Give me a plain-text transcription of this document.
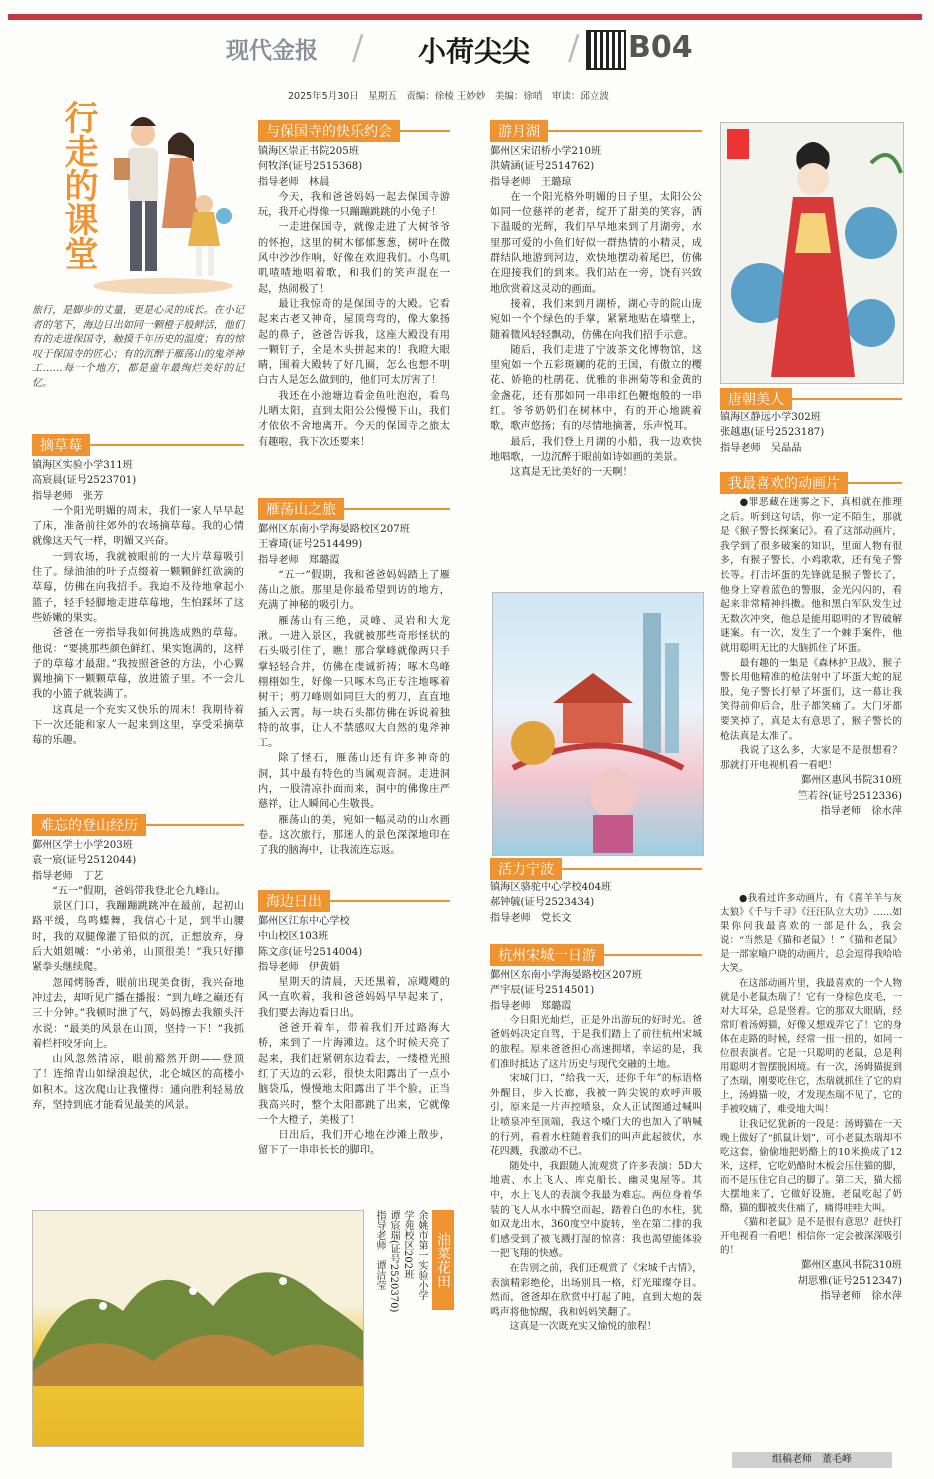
现代金报 / 小荷尖尖 / B04
2025年5月30日　星期五　责编：徐棱 王妙妙　美编：徐哨　审读：邱立波
行走的课堂
旅行，是脚步的丈量，更是心灵的成长。在小记者的笔下，海边日出如同一颗橙子般鲜活，他们有的走进保国寺，触摸千年历史的温度；有的惊叹于保国寺的匠心；有的沉醉于雁荡山的鬼斧神工……每一个地方，都是童年最绚烂美好的记忆。
摘草莓
镇海区实验小学311班
高宸晨(证号2523701)
指导老师　张芳

一个阳光明媚的周末，我们一家人早早起了床，准备前往郊外的农场摘草莓。我的心情就像这天气一样，明媚又兴奋。

一到农场，我就被眼前的一大片草莓吸引住了。绿油油的叶子点缀着一颗颗鲜红欲滴的草莓，仿佛在向我招手。我迫不及待地拿起小篮子，轻手轻脚地走进草莓地，生怕踩坏了这些娇嫩的果实。

爸爸在一旁指导我如何挑选成熟的草莓。他说：“要挑那些颜色鲜红、果实饱满的，这样子的草莓才最甜。”我按照爸爸的方法，小心翼翼地摘下一颗颗草莓，放进篮子里。不一会儿我的小篮子就装满了。

这真是一个充实又快乐的周末！我期待着下一次还能和家人一起来到这里，享受采摘草莓的乐趣。

难忘的登山经历
鄞州区学士小学203班
袁一宸(证号2512044)
指导老师　丁艺

“五一”假期，爸妈带我登北仑九峰山。

景区门口，我蹦蹦跳跳冲在最前，起初山路平缓，鸟鸣蝶舞，我信心十足，到半山腰时，我的双腿像灌了铅似的沉，正想放弃，身后大姐姐喊：“小弟弟，山顶很美！”我只好攥紧拳头继续爬。

忽闻烤肠香，眼前出现美食街，我兴奋地冲过去，却听见广播在播报：“到九峰之巅还有三十分钟。”我顿时泄了气，妈妈擦去我额头汗水说：“最美的风景在山顶，坚持一下！”我抓着栏杆咬牙向上。

山风忽然清凉，眼前豁然开朗——登顶了！连绵青山如绿浪起伏，北仑城区的高楼小如积木。这次爬山让我懂得：通向胜利轻易放弃，坚持到底才能看见最美的风景。

与保国寺的快乐约会
镇海区崇正书院205班
何牧泽(证号2515368)
指导老师　林晨

今天，我和爸爸妈妈一起去保国寺游玩，我开心得像一只蹦蹦跳跳的小兔子！

一走进保国寺，就像走进了大树爷爷的怀抱，这里的树木郁郁葱葱，树叶在微风中沙沙作响，好像在欢迎我们。小鸟叽叽喳喳地唱着歌，和我们的笑声混在一起，热闹极了！

最让我惊奇的是保国寺的大殿。它看起来古老又神奇，屋顶弯弯的，像大象扬起的鼻子，爸爸告诉我，这座大殿没有用一颗钉子，全是木头拼起来的！我瞪大眼睛，围着大殿转了好几圈，怎么也想不明白古人是怎么做到的，他们可太厉害了！

我还在小池塘边看金鱼吐泡泡，看鸟儿晒太阳，直到太阳公公慢慢下山，我们才依依不舍地离开。今天的保国寺之旅太有趣啦，我下次还要来！

雁荡山之旅
鄞州区东南小学海晏路校区207班
王睿琦(证号2514499)
指导老师　郑璐霞

“五一”假期，我和爸爸妈妈踏上了雁荡山之旅。那里是你最希望到访的地方，充满了神秘的吸引力。

雁荡山有三绝，灵峰、灵岩和大龙湫。一进入景区，我就被那些奇形怪状的石头吸引住了，瞧！那合掌峰就像两只手掌轻轻合并，仿佛在虔诚祈祷；啄木鸟峰栩栩如生，好像一只啄木鸟正专注地啄着树干；剪刀峰则如同巨大的剪刀，直直地插入云霄。每一块石头都仿佛在诉说着独特的故事，让人不禁感叹大自然的鬼斧神工。

除了怪石，雁荡山还有许多神奇的洞，其中最有特色的当属观音洞。走进洞内，一股清凉扑面而来，洞中的佛像庄严慈祥，让人瞬间心生敬畏。

雁荡山的美，宛如一幅灵动的山水画卷。这次旅行，那迷人的景色深深地印在了我的脑海中，让我流连忘返。

海边日出
鄞州区江东中心学校
中山校区103班
陈文彦(证号2514004)
指导老师　伊黄娟

星期天的清晨，天还黑着，凉飕飕的风一直吹着，我和爸爸妈妈早早起来了，我们要去海边看日出。

爸爸开着车，带着我们开过路海大桥，来到了一片海滩边。这个时候天亮了起来，我们赶紧朝东边看去，一缕橙光照红了天边的云彩，很快太阳露出了一点小脑袋瓜，慢慢地太阳露出了半个脸，正当我高兴时，整个太阳都跳了出来，它就像一个大橙子，美极了！

日出后，我们开心地在沙滩上散步，留下了一串串长长的脚印。

油菜花田
余姚市第一实验小学
学苑校区202班
谭宸瑞(证号2520370)
指导老师　谭洁莹
游月湖
鄞州区宋诏桥小学210班
洪婧涵(证号2514762)
指导老师　王璐琼

在一个阳光格外明媚的日子里，太阳公公如同一位慈祥的老者，绽开了甜美的笑容，洒下温暖的光辉，我们早早地来到了月湖旁，水里那可爱的小鱼们好似一群热情的小精灵，成群结队地游到河边，欢快地摆动着尾巴，仿佛在迎接我们的到来。我们站在一旁，饶有兴致地欣赏着这灵动的画面。

接着，我们来到月湖桥，湖心寺的院山庞宛如一个个绿色的手掌，紧紧地贴在墙壁上，随着微风轻轻飘动，仿佛在向我们招手示意。

随后，我们走进了宁波茶文化博物馆，这里宛如一个五彩斑斓的花的王国，有傲立的樱花、娇艳的杜鹃花、优雅的非洲菊等和金黄的金盏花，还有那如同一串串红色鞭炮般的一串红。爷爷奶奶们在树林中，有的开心地跳着歌，歌声悠扬；有的尽情地摘著，乐声悦耳。

最后，我们登上月湖的小船，我一边欢快地唱歌，一边沉醉于眼前如诗如画的美景。

这真是无比美好的一天啊！

活力宁波
镇海区骆驼中心学校404班
郝钟毓(证号2523434)
指导老师　党长文
杭州宋城一日游
鄞州区东南小学海晏路校区207班
严宇辰(证号2514501)
指导老师　郑璐霞

今日阳光灿烂，正是外出游玩的好时光。爸爸妈妈决定自驾，于是我们踏上了前往杭州宋城的旅程。原来爸爸担心高速拥堵，幸运的是，我们准时抵达了这片历史与现代交融的土地。

宋城门口，“给我一天，还你千年”的标语格外醒目，步入长廊，我被一阵尖锐的欢呼声吸引，原来是一片声控喷泉，众人正试图通过喊叫让喷泉冲至顶端，我这个嗓门大的也加入了呐喊的行列，看着水柱随着我们的叫声此起彼伏，水花四溅，我激动不已。

随处中，我跟随人流观赏了许多表演：5D大地震、水上飞人、库克船长、幽灵鬼屋等。其中，水上飞人的表演令我最为难忘。两位身着华装的飞人从水中腾空而起，踏着白色的水柱，犹如双龙出水，360度空中旋转，坐在第二排的我们感受到了被飞溅打湿的惊喜：我也渴望能体验一把飞翔的快感。

在告别之前，我们还观赏了《宋城千古情》，表演精彩绝伦，出场别具一格，灯光璀璨夺目。然而，爸爸却在欣赏中打起了盹，直到大炮的轰鸣声将他惊醒，我和妈妈笑翻了。

这真是一次既充实又愉悦的旅程！

唐朝美人
镇海区静远小学302班
张越惠(证号2523187)
指导老师　吴晶晶
我最喜欢的动画片

●罪恶藏在迷雾之下，真相就在推理之后。听到这句话，你一定不陌生，那就是《猴子警长探案记》。看了这部动画片，我学到了很多破案的知识，里面人物有很多，有猴子警长、小鸡歌歌，还有兔子警长等。打击坏蛋的先锋就是猴子警长了，他身上穿着蓝色的警服，金光闪闪的，看起来非常精神抖擞。他和黑白军队发生过无数次冲突，他总是能用聪明的才智破解谜案。有一次，发生了一个棘手案件，他就用聪明无比的大脑抓住了坏蛋。

最有趣的一集是《森林护卫战》，猴子警长用他精准的枪法射中了坏蛋大蛇的屁股，兔子警长打晕了坏蛋们，这一幕让我笑得前仰后合，肚子都笑痛了。大门牙都要笑掉了，真是太有意思了，猴子警长的枪法真是太准了。

我说了这么多，大家是不是很想看？那就打开电视机看一看吧！

鄞州区惠风书院310班
竺若谷(证号2512336)
指导老师　徐水萍

●我看过许多动画片，有《喜羊羊与灰太狼》《千与千寻》《汪汪队立大功》……如果你问我最喜欢的一部是什么，我会说：“当然是《猫和老鼠》！”《猫和老鼠》是一部家喻户晓的动画片，总会逗得我哈哈大笑。

在这部动画片里，我最喜欢的一个人物就是小老鼠杰瑞了！它有一身棕色皮毛，一对大耳朵，总是竖着。它的那双大眼睛，经常盯着汤姆猫，好像又想戏弄它了！它的身体在走路的时候，经常一扭一扭的，如同一位很表演者。它是一只聪明的老鼠，总是利用聪明才智摆脱困境。有一次，汤姆猫捉到了杰瑞，刚要吃住它，杰瑞就抓住了它的肩上，汤姆猫一咬，才发现杰瑞不见了，它的手被咬痛了，难受地大叫！

让我记忆犹新的一段是：汤姆猫在一天晚上做好了“抓鼠计划”，可小老鼠杰瑞却不吃这套，偷偷地把奶酪上的10米换成了12米，这样，它吃奶酪时木板会压住猫的脚，而不是压住它自己的脚了。第二天，猫大摇大摆地来了，它做好设施，老鼠吃起了奶酪，猫的脚被夹住痛了，痛得哇哇大叫。

《猫和老鼠》是不是很有意思？赶快打开电视看一看吧！相信你一定会被深深吸引的！

鄞州区惠风书院310班
胡思雅(证号2512347)
指导老师　徐水萍
组稿老师　董毛峰
